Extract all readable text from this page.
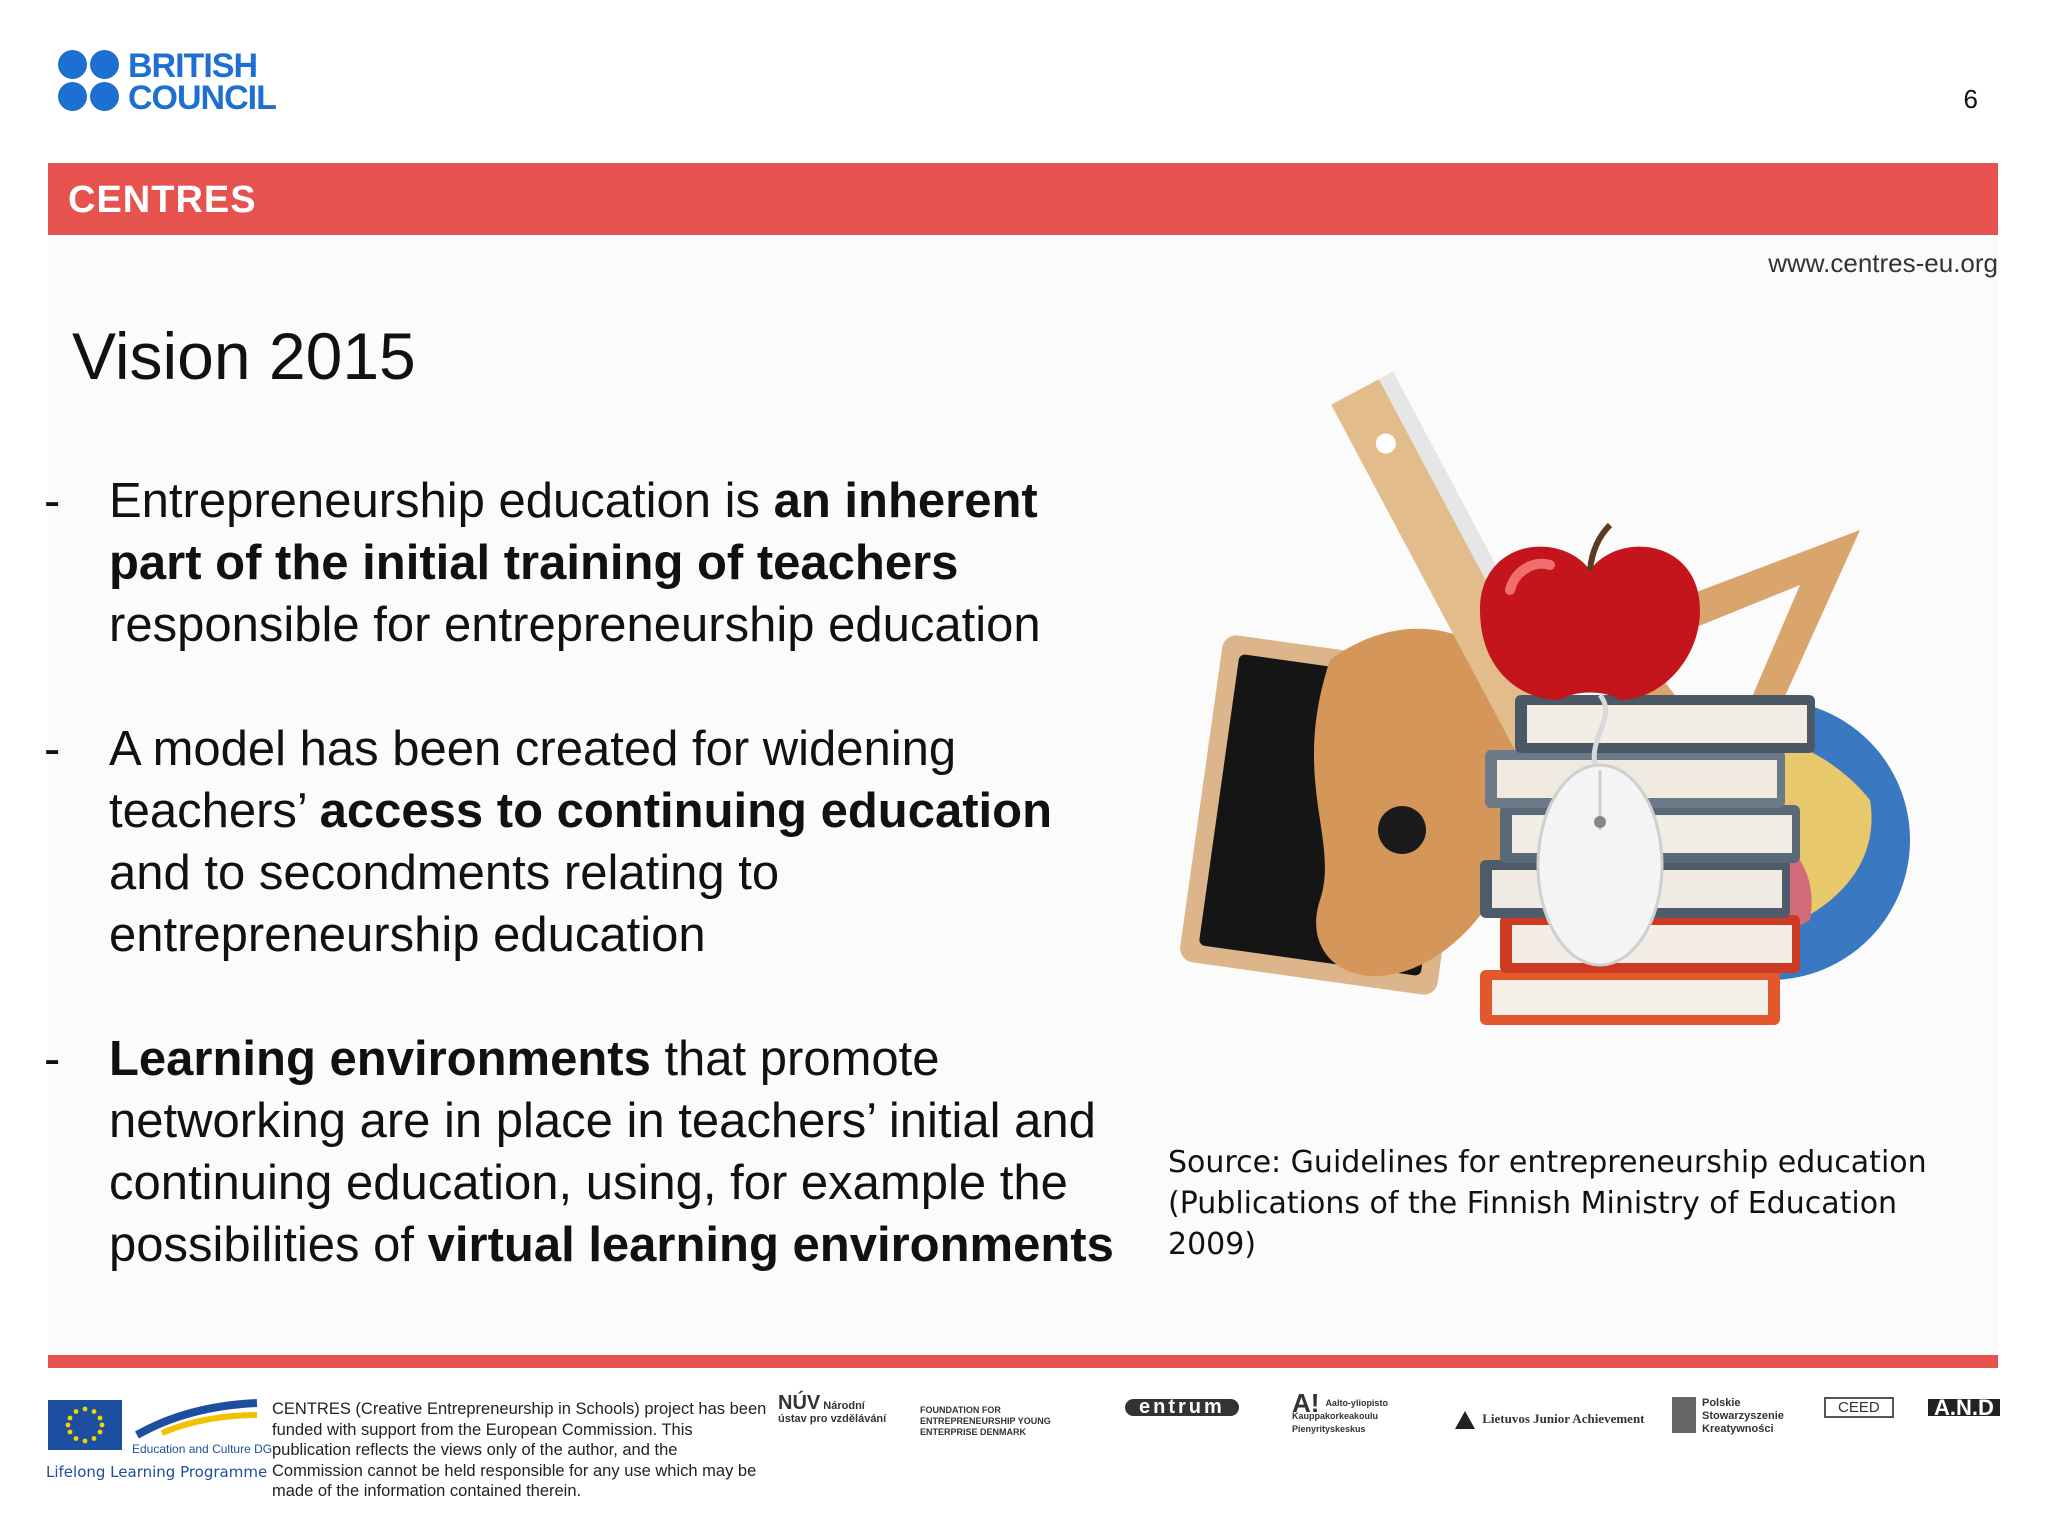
BRITISH
COUNCIL	6
CENTRES
www.centres-eu.org
Vision 2015
- Entrepreneurship education is an inherent part of the initial training of teachers responsible for entrepreneurship education
- A model has been created for widening teachers’ access to continuing education and to secondments relating to entrepreneurship education
- Learning environments that promote networking are in place in teachers’ initial and continuing education, using, for example the possibilities of virtual learning environments
Source: Guidelines for entrepreneurship education (Publications of the Finnish Ministry of Education 2009)
Education and Culture DG
Lifelong Learning Programme
CENTRES (Creative Entrepreneurship in Schools) project has been funded with support from the European Commission. This publication reflects the views only of the author, and the Commission cannot be held responsible for any use which may be made of the information contained therein.
NÚV Národní ústav pro vzdělávání
FOUNDATION FOR ENTREPRENEURSHIP YOUNG ENTERPRISE DENMARK
entrum	A! Aalto-yliopisto Kauppakorkeakoulu Pienyrityskeskus
Lietuvos Junior Achievement
Polskie Stowarzyszenie Kreatywności
CEED	A.N.D
